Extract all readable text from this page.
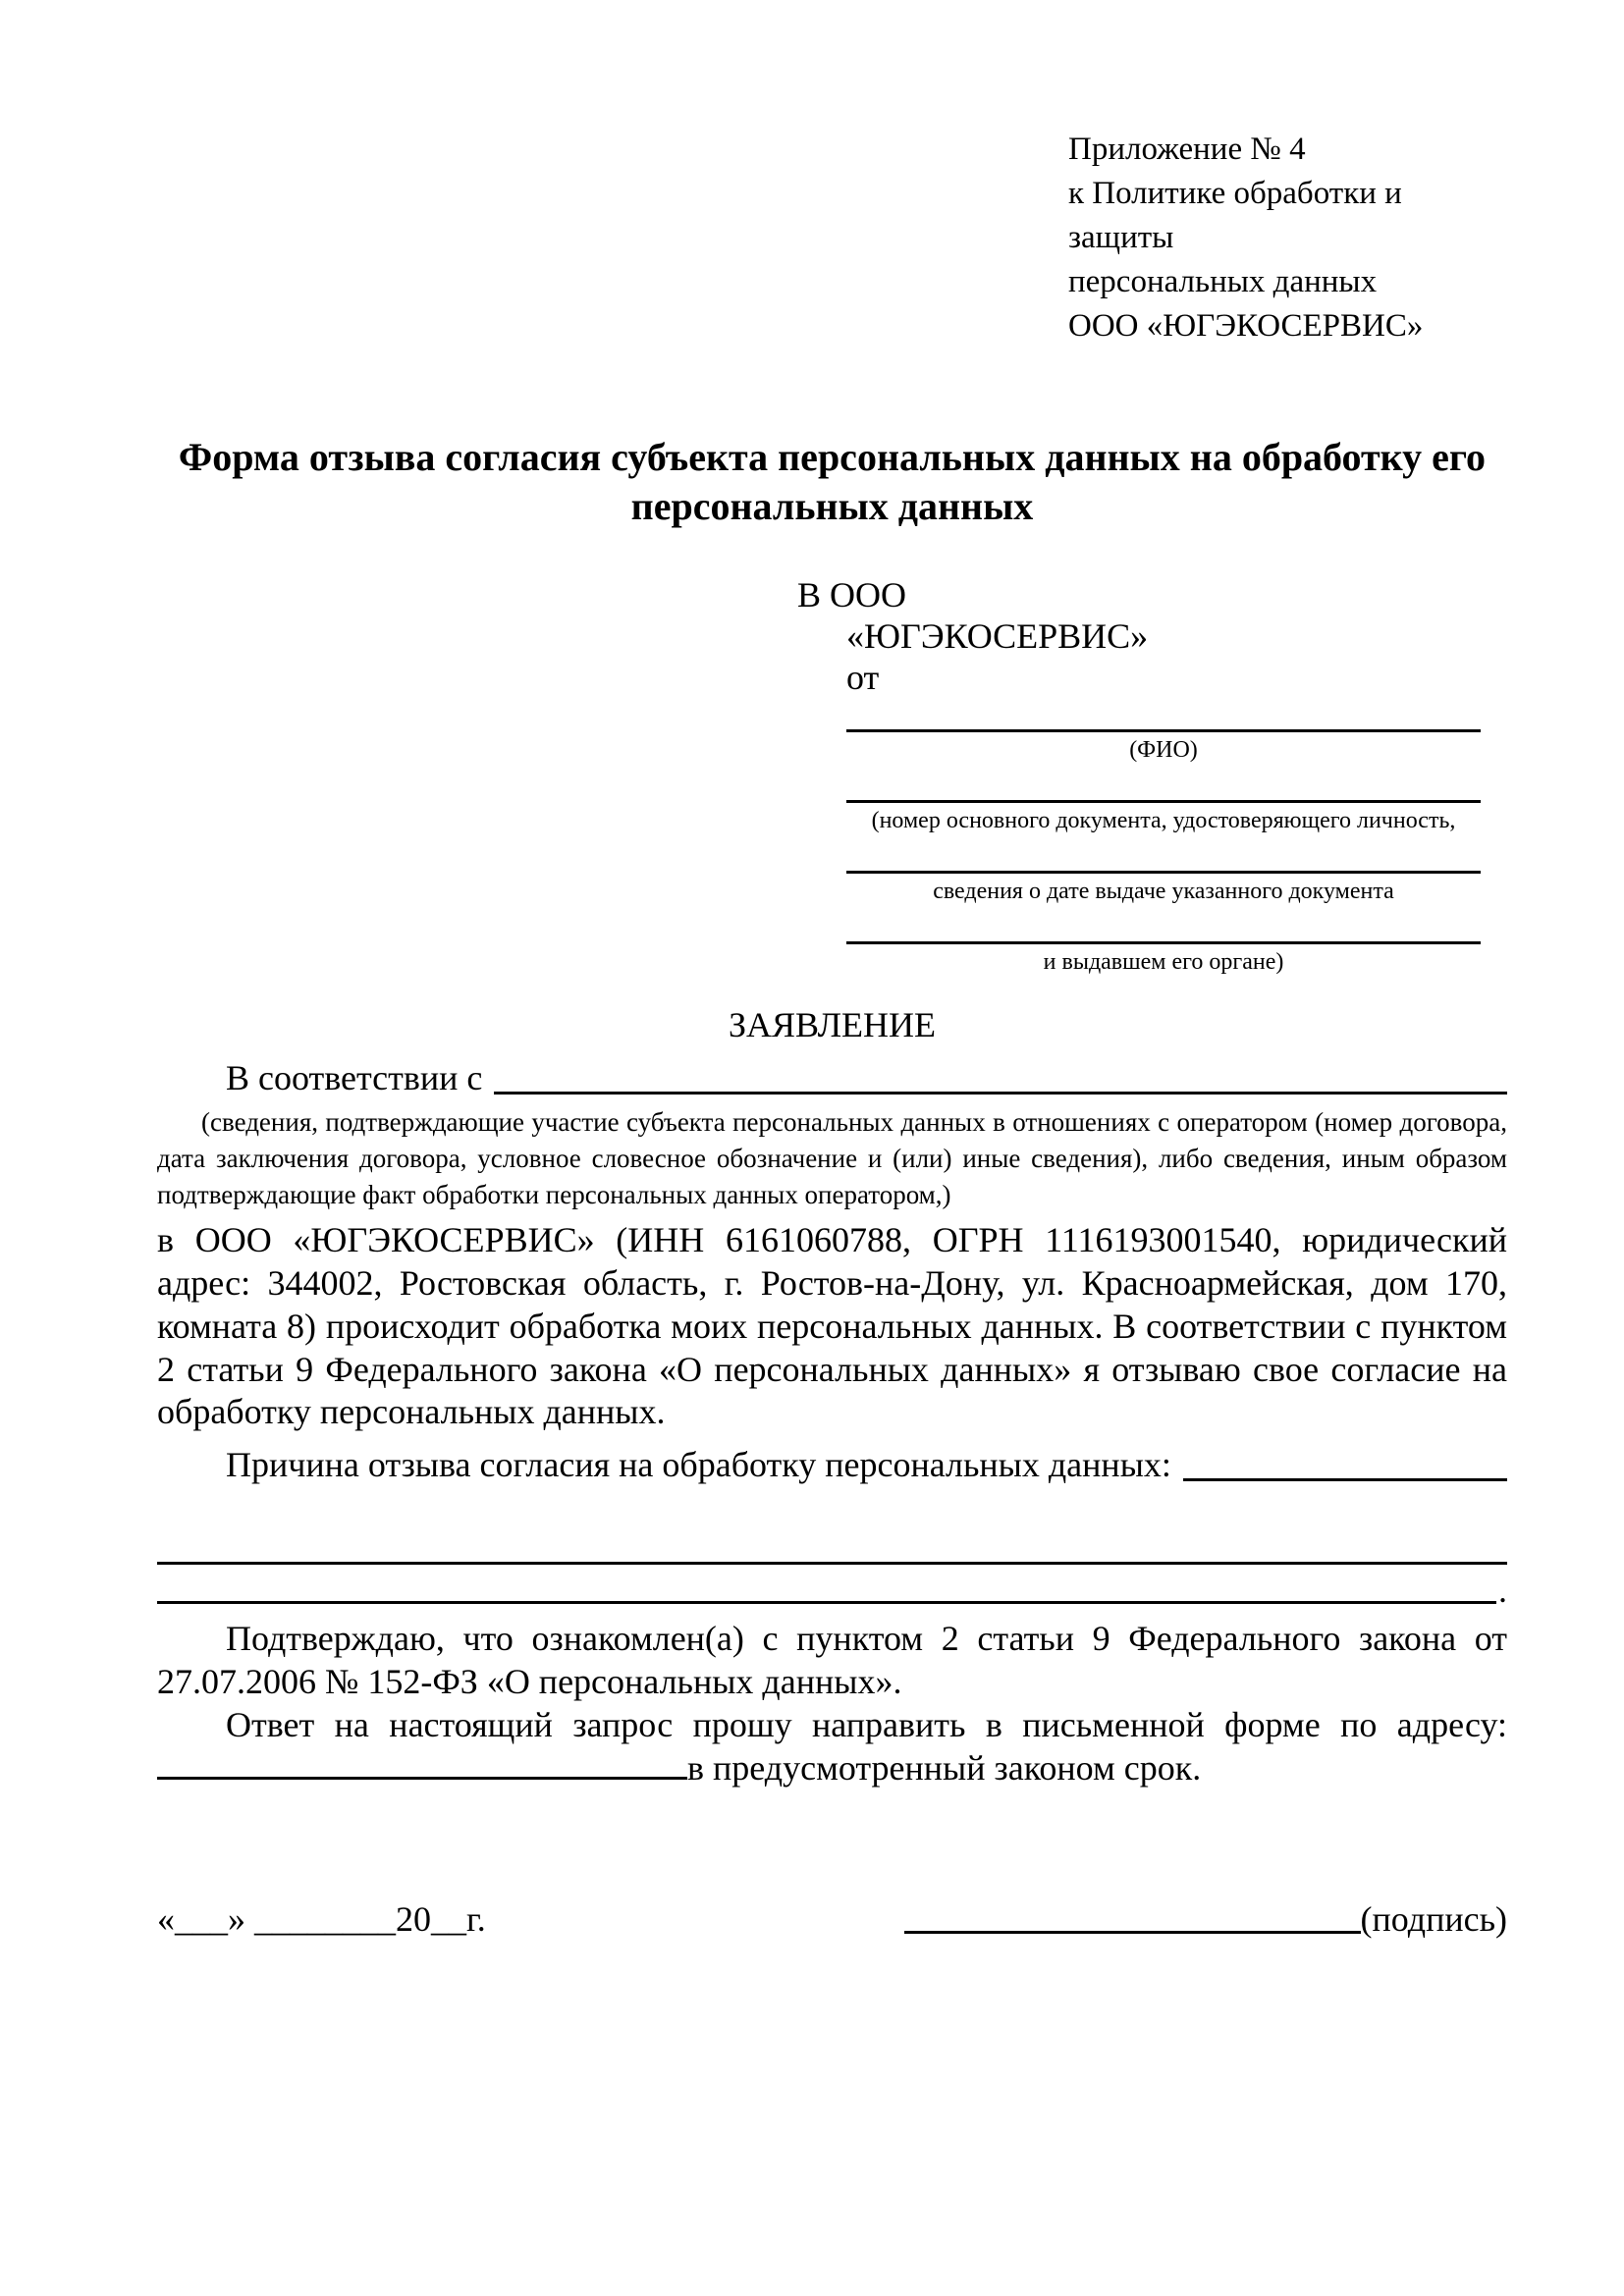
Приложение № 4
к Политике обработки и защиты
персональных данных
ООО «ЮГЭКОСЕРВИС»
Форма отзыва согласия субъекта персональных данных на обработку его персональных данных
В ООО
«ЮГЭКОСЕРВИС»
от
(ФИО)
(номер основного документа, удостоверяющего личность,
сведения о дате выдаче указанного документа
и выдавшем его органе)
ЗАЯВЛЕНИЕ
В соответствии с
(сведения, подтверждающие участие субъекта персональных данных в отношениях с оператором (номер договора, дата заключения договора, условное словесное обозначение и (или) иные сведения), либо сведения, иным образом подтверждающие факт обработки персональных данных оператором,)

в ООО «ЮГЭКОСЕРВИС» (ИНН 6161060788, ОГРН 1116193001540, юридический адрес: 344002, Ростовская область, г. Ростов-на-Дону, ул. Красноармейская, дом 170, комната 8) происходит обработка моих персональных данных. В соответствии с пунктом 2 статьи 9 Федерального закона «О персональных данных» я отзываю свое согласие на обработку персональных данных.

Причина отзыва согласия на обработку персональных данных:
.

Подтверждаю, что ознакомлен(а) с пунктом 2 статьи 9 Федерального закона от 27.07.2006 № 152-ФЗ «О персональных данных».

Ответ на настоящий запрос прошу направить в письменной форме по адресу: в предусмотренный законом срок.

«___» ________20__г.	(подпись)
